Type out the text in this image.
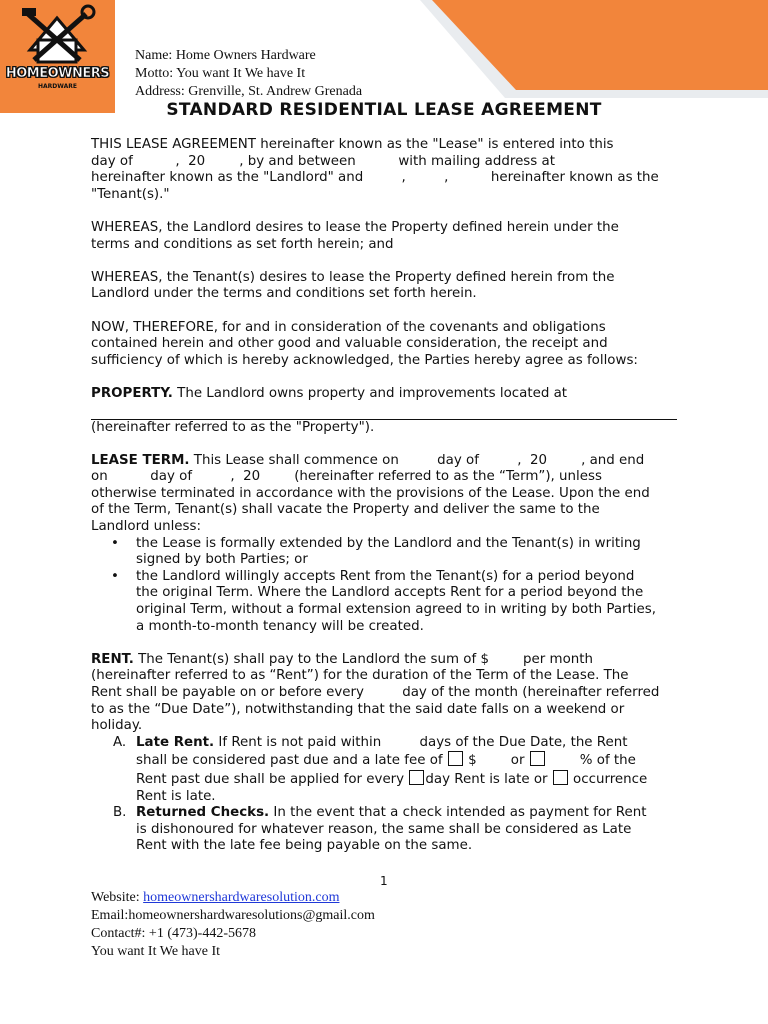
HOMEOWNERS
HARDWARE
Name: Home Owners Hardware
Motto: You want It We have It
Address: Grenville, St. Andrew Grenada
STANDARD RESIDENTIAL LEASE AGREEMENT

THIS LEASE AGREEMENT hereinafter known as the "Lease" is entered into this
day of          ,  20        , by and between          with mailing address at
hereinafter known as the "Landlord" and         ,         ,          hereinafter known as the
"Tenant(s)."

WHEREAS, the Landlord desires to lease the Property defined herein under the
terms and conditions as set forth herein; and

WHEREAS, the Tenant(s) desires to lease the Property defined herein from the
Landlord under the terms and conditions set forth herein.

NOW, THEREFORE, for and in consideration of the covenants and obligations
contained herein and other good and valuable consideration, the receipt and
sufficiency of which is hereby acknowledged, the Parties hereby agree as follows:

PROPERTY. The Landlord owns property and improvements located at
(hereinafter referred to as the "Property").

LEASE TERM. This Lease shall commence on         day of         ,  20        , and end
on          day of         ,  20        (hereinafter referred to as the “Term”), unless
otherwise terminated in accordance with the provisions of the Lease. Upon the end
of the Term, Tenant(s) shall vacate the Property and deliver the same to the
Landlord unless:

• the Lease is formally extended by the Landlord and the Tenant(s) in writing
signed by both Parties; or
• the Landlord willingly accepts Rent from the Tenant(s) for a period beyond
the original Term. Where the Landlord accepts Rent for a period beyond the
original Term, without a formal extension agreed to in writing by both Parties,
a month-to-month tenancy will be created.

RENT. The Tenant(s) shall pay to the Landlord the sum of $        per month
(hereinafter referred to as “Rent”) for the duration of the Term of the Lease. The
Rent shall be payable on or before every         day of the month (hereinafter referred
to as the “Due Date”), notwithstanding that the said date falls on a weekend or
holiday.

A. Late Rent. If Rent is not paid within         days of the Due Date, the Rent
shall be considered past due and a late fee of  $        or         % of the
Rent past due shall be applied for every day Rent is late or  occurrence
Rent is late.
B. Returned Checks. In the event that a check intended as payment for Rent
is dishonoured for whatever reason, the same shall be considered as Late
Rent with the late fee being payable on the same.
1
Website: homeownershardwaresolution.com
Email:homeownershardwaresolutions@gmail.com
Contact#: +1 (473)-442-5678
You want It We have It
